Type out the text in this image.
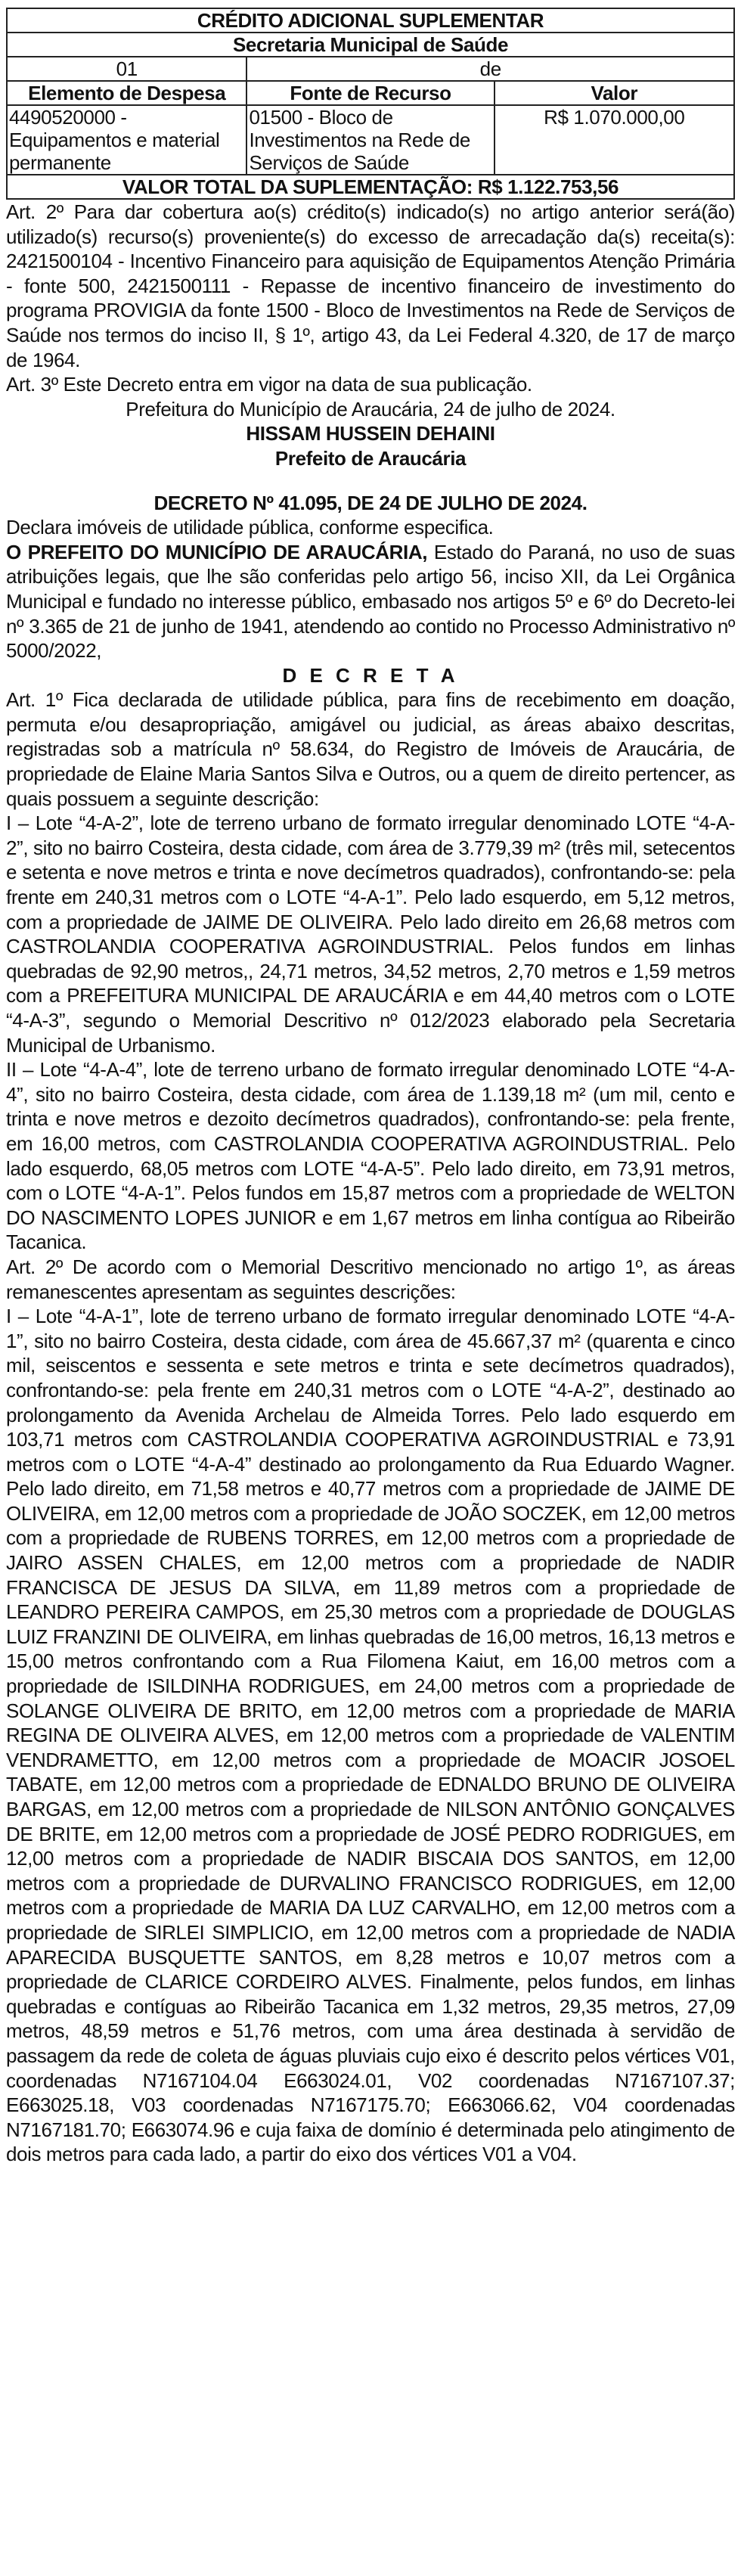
CRÉDITO ADICIONAL SUPLEMENTAR		
Secretaria Municipal de Saúde		
01	de	
Elemento de Despesa	Fonte de Recurso	Valor
4490520000 - Equipamentos e material permanente	01500 - Bloco de Investimentos na Rede de Serviços de Saúde	R$ 1.070.000,00
VALOR TOTAL DA SUPLEMENTAÇÃO: R$ 1.122.753,56		

Art. 2º Para dar cobertura ao(s) crédito(s) indicado(s) no artigo anterior será(ão) utilizado(s) recurso(s) proveniente(s) do excesso de arrecadação da(s) receita(s): 2421500104 - Incentivo Financeiro para aquisição de Equipamentos Atenção Primária - fonte 500, 2421500111 - Repasse de incentivo financeiro de investimento do programa PROVIGIA da fonte 1500 - Bloco de Investimentos na Rede de Serviços de Saúde nos termos do inciso II, § 1º, artigo 43, da Lei Federal 4.320, de 17 de março de 1964.

Art. 3º Este Decreto entra em vigor na data de sua publicação.

Prefeitura do Município de Araucária, 24 de julho de 2024.

HISSAM HUSSEIN DEHAINI

Prefeito de Araucária

DECRETO Nº 41.095, DE 24 DE JULHO DE 2024.

Declara imóveis de utilidade pública, conforme especifica.

O PREFEITO DO MUNICÍPIO DE ARAUCÁRIA, Estado do Paraná, no uso de suas atribuições legais, que lhe são conferidas pelo artigo 56, inciso XII, da Lei Orgânica Municipal e fundado no interesse público, embasado nos artigos 5º e 6º do Decreto-lei nº 3.365 de 21 de junho de 1941, atendendo ao contido no Processo Administrativo nº 5000/2022,

D E C R E T A

Art. 1º Fica declarada de utilidade pública, para fins de recebimento em doação, permuta e/ou desapropriação, amigável ou judicial, as áreas abaixo descritas, registradas sob a matrícula nº 58.634, do Registro de Imóveis de Araucária, de propriedade de Elaine Maria Santos Silva e Outros, ou a quem de direito pertencer, as quais possuem a seguinte descrição:

I – Lote “4-A-2”, lote de terreno urbano de formato irregular denominado LOTE “4-A-2”, sito no bairro Costeira, desta cidade, com área de 3.779,39 m² (três mil, setecentos e setenta e nove metros e trinta e nove decímetros quadrados), confrontando-se: pela frente em 240,31 metros com o LOTE “4-A-1”. Pelo lado esquerdo, em 5,12 metros, com a propriedade de JAIME DE OLIVEIRA. Pelo lado direito em 26,68 metros com CASTROLANDIA COOPERATIVA AGROINDUSTRIAL. Pelos fundos em linhas quebradas de 92,90 metros,, 24,71 metros, 34,52 metros, 2,70 metros e 1,59 metros com a PREFEITURA MUNICIPAL DE ARAUCÁRIA e em 44,40 metros com o LOTE “4-A-3”, segundo o Memorial Descritivo nº 012/2023 elaborado pela Secretaria Municipal de Urbanismo.

II – Lote “4-A-4”, lote de terreno urbano de formato irregular denominado LOTE “4-A-4”, sito no bairro Costeira, desta cidade, com área de 1.139,18 m² (um mil, cento e trinta e nove metros e dezoito decímetros quadrados), confrontando-se: pela frente, em 16,00 metros, com CASTROLANDIA COOPERATIVA AGROINDUSTRIAL. Pelo lado esquerdo, 68,05 metros com LOTE “4-A-5”. Pelo lado direito, em 73,91 metros, com o LOTE “4-A-1”. Pelos fundos em 15,87 metros com a propriedade de WELTON DO NASCIMENTO LOPES JUNIOR e em 1,67 metros em linha contígua ao Ribeirão Tacanica.

Art. 2º De acordo com o Memorial Descritivo mencionado no artigo 1º, as áreas remanescentes apresentam as seguintes descrições:

I – Lote “4-A-1”, lote de terreno urbano de formato irregular denominado LOTE “4-A-1”, sito no bairro Costeira, desta cidade, com área de 45.667,37 m² (quarenta e cinco mil, seiscentos e sessenta e sete metros e trinta e sete decímetros quadrados), confrontando-se: pela frente em 240,31 metros com o LOTE “4-A-2”, destinado ao prolongamento da Avenida Archelau de Almeida Torres. Pelo lado esquerdo em 103,71 metros com CASTROLANDIA COOPERATIVA AGROINDUSTRIAL e 73,91 metros com o LOTE “4-A-4” destinado ao prolongamento da Rua Eduardo Wagner. Pelo lado direito, em 71,58 metros e 40,77 metros com a propriedade de JAIME DE OLIVEIRA, em 12,00 metros com a propriedade de JOÃO SOCZEK, em 12,00 metros com a propriedade de RUBENS TORRES, em 12,00 metros com a propriedade de JAIRO ASSEN CHALES, em 12,00 metros com a propriedade de NADIR FRANCISCA DE JESUS DA SILVA, em 11,89 metros com a propriedade de LEANDRO PEREIRA CAMPOS, em 25,30 metros com a propriedade de DOUGLAS LUIZ FRANZINI DE OLIVEIRA, em linhas quebradas de 16,00 metros, 16,13 metros e 15,00 metros confrontando com a Rua Filomena Kaiut, em 16,00 metros com a propriedade de ISILDINHA RODRIGUES, em 24,00 metros com a propriedade de SOLANGE OLIVEIRA DE BRITO, em 12,00 metros com a propriedade de MARIA REGINA DE OLIVEIRA ALVES, em 12,00 metros com a propriedade de VALENTIM VENDRAMETTO, em 12,00 metros com a propriedade de MOACIR JOSOEL TABATE, em 12,00 metros com a propriedade de EDNALDO BRUNO DE OLIVEIRA BARGAS, em 12,00 metros com a propriedade de NILSON ANTÔNIO GONÇALVES DE BRITE, em 12,00 metros com a propriedade de JOSÉ PEDRO RODRIGUES, em 12,00 metros com a propriedade de NADIR BISCAIA DOS SANTOS, em 12,00 metros com a propriedade de DURVALINO FRANCISCO RODRIGUES, em 12,00 metros com a propriedade de MARIA DA LUZ CARVALHO, em 12,00 metros com a propriedade de SIRLEI SIMPLICIO, em 12,00 metros com a propriedade de NADIA APARECIDA BUSQUETTE SANTOS, em 8,28 metros e 10,07 metros com a propriedade de CLARICE CORDEIRO ALVES. Finalmente, pelos fundos, em linhas quebradas e contíguas ao Ribeirão Tacanica em 1,32 metros, 29,35 metros, 27,09 metros, 48,59 metros e 51,76 metros, com uma área destinada à servidão de passagem da rede de coleta de águas pluviais cujo eixo é descrito pelos vértices V01, coordenadas N7167104.04 E663024.01, V02 coordenadas N7167107.37; E663025.18, V03 coordenadas N7167175.70; E663066.62, V04 coordenadas N7167181.70; E663074.96 e cuja faixa de domínio é determinada pelo atingimento de dois metros para cada lado, a partir do eixo dos vértices V01 a V04.
